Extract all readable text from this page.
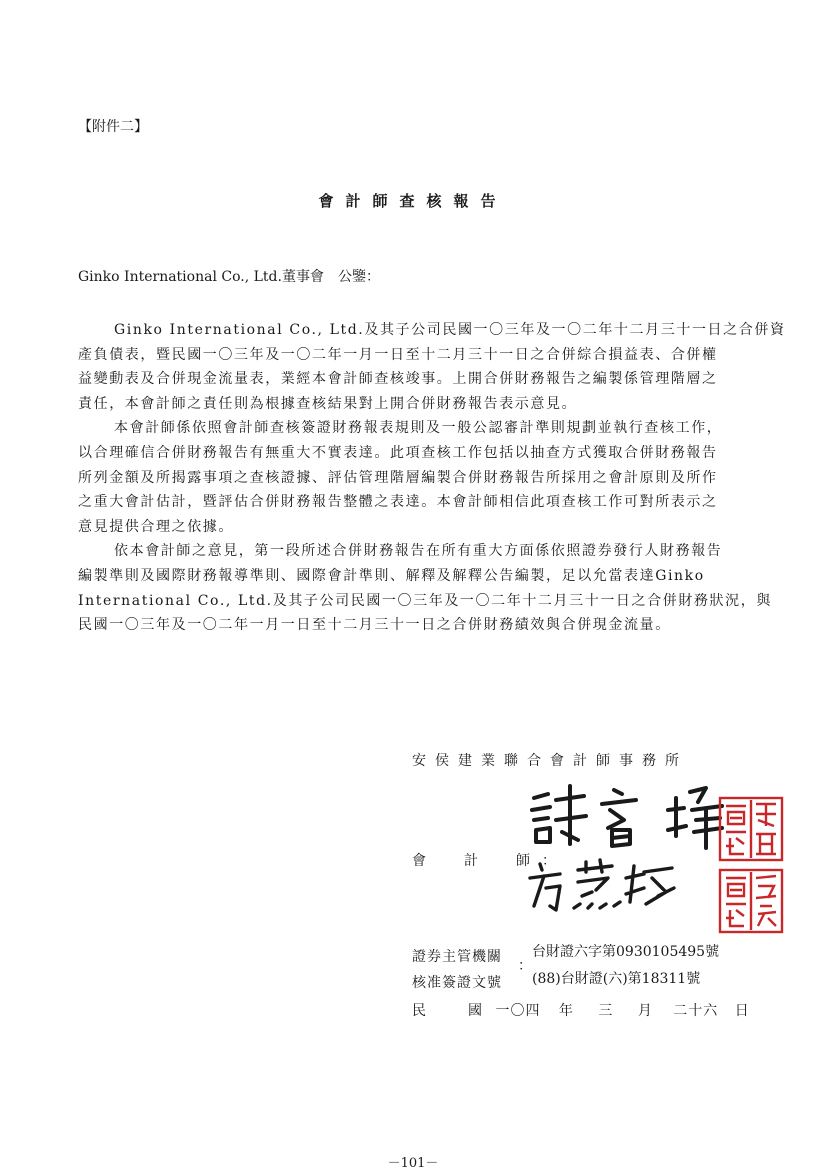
【附件二】
會計師查核報告
Ginko International Co., Ltd.董事會　公鑒：
Ginko International Co., Ltd.及其子公司民國一〇三年及一〇二年十二月三十一日之合併資
產負債表，暨民國一〇三年及一〇二年一月一日至十二月三十一日之合併綜合損益表、合併權
益變動表及合併現金流量表，業經本會計師查核竣事。上開合併財務報告之編製係管理階層之
責任，本會計師之責任則為根據查核結果對上開合併財務報告表示意見。
本會計師係依照會計師查核簽證財務報表規則及一般公認審計準則規劃並執行查核工作，
以合理確信合併財務報告有無重大不實表達。此項查核工作包括以抽查方式獲取合併財務報告
所列金額及所揭露事項之查核證據、評估管理階層編製合併財務報告所採用之會計原則及所作
之重大會計估計，暨評估合併財務報告整體之表達。本會計師相信此項查核工作可對所表示之
意見提供合理之依據。
依本會計師之意見，第一段所述合併財務報告在所有重大方面係依照證券發行人財務報告
編製準則及國際財務報導準則、國際會計準則、解釋及解釋公告編製，足以允當表達Ginko
International Co., Ltd.及其子公司民國一〇三年及一〇二年十二月三十一日之合併財務狀況，與
民國一〇三年及一〇二年一月一日至十二月三十一日之合併財務績效與合併現金流量。
安侯建業聯合會計師事務所
會　計　師：
證券主管機關
核准簽證文號
：
台財證六字第0930105495號
(88)台財證(六)第18311號
民　國 一〇四 年 三 月 二十六 日
－101－
